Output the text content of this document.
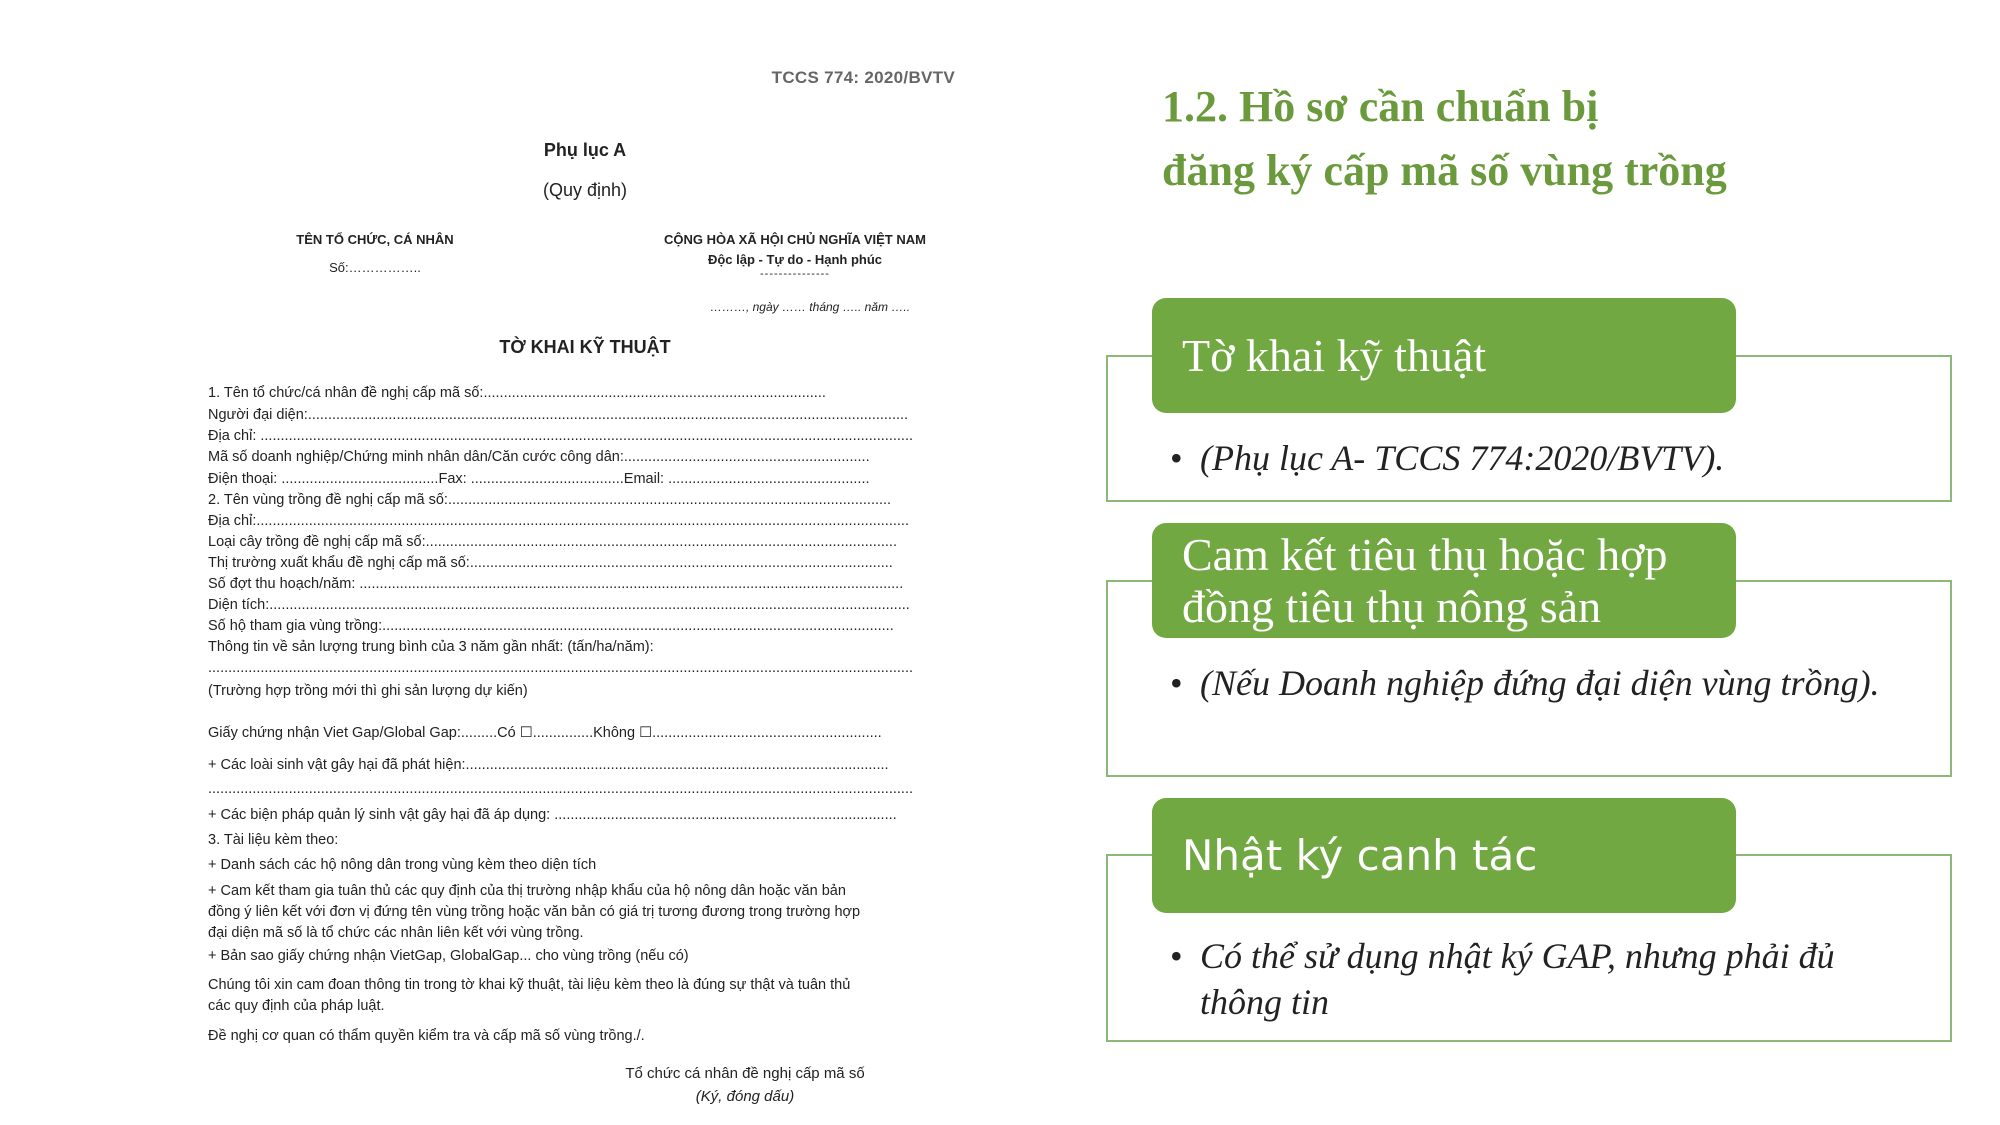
TCCS 774: 2020/BVTV
Phụ lục A
(Quy định)
TÊN TỔ CHỨC, CÁ NHÂN
Số:……………..
CỘNG HÒA XÃ HỘI CHỦ NGHĨA VIỆT NAM
Độc lập - Tự do - Hạnh phúc
---------------
………, ngày …… tháng ….. năm …..
TỜ KHAI KỸ THUẬT
1. Tên tổ chức/cá nhân đề nghị cấp mã số:.....................................................................................
Người đại diện:.....................................................................................................................................................
Địa chỉ: ..................................................................................................................................................................
Mã số doanh nghiệp/Chứng minh nhân dân/Căn cước công dân:.............................................................
Điện thoại: .......................................Fax: ......................................Email: ..................................................
2. Tên vùng trồng đề nghị cấp mã số:..............................................................................................................
Địa chỉ:..................................................................................................................................................................
Loại cây trồng đề nghị cấp mã số:.....................................................................................................................
Thị trường xuất khẩu đề nghị cấp mã số:.........................................................................................................
Số đợt thu hoạch/năm: .......................................................................................................................................
Diện tích:...............................................................................................................................................................
Số hộ tham gia vùng trồng:...............................................................................................................................
Thông tin về sản lượng trung bình của 3 năm gần nhất: (tấn/ha/năm):
...............................................................................................................................................................................
(Trường hợp trồng mới thì ghi sản lượng dự kiến)
Giấy chứng nhận Viet Gap/Global Gap:.........Có ☐...............Không ☐.........................................................
+ Các loài sinh vật gây hại đã phát hiện:.........................................................................................................
...............................................................................................................................................................................
+ Các biện pháp quản lý sinh vật gây hại đã áp dụng: .....................................................................................
3. Tài liệu kèm theo:
+ Danh sách các hộ nông dân trong vùng kèm theo diện tích
+ Cam kết tham gia tuân thủ các quy định của thị trường nhập khẩu của hộ nông dân hoặc văn bản
đồng ý liên kết với đơn vị đứng tên vùng trồng hoặc văn bản có giá trị tương đương trong trường hợp
đại diện mã số là tổ chức các nhân liên kết với vùng trồng.
+ Bản sao giấy chứng nhận VietGap, GlobalGap... cho vùng trồng (nếu có)
Chúng tôi xin cam đoan thông tin trong tờ khai kỹ thuật, tài liệu kèm theo là đúng sự thật và tuân thủ
các quy định của pháp luật.
Đề nghị cơ quan có thẩm quyền kiểm tra và cấp mã số vùng trồng./.
Tổ chức cá nhân đề nghị cấp mã số
(Ký, đóng dấu)
1.2. Hồ sơ cần chuẩn bị
đăng ký cấp mã số vùng trồng
Tờ khai kỹ thuật
• (Phụ lục A- TCCS 774:2020/BVTV).
Cam kết tiêu thụ hoặc hợp đồng tiêu thụ nông sản
• (Nếu Doanh nghiệp đứng đại diện vùng trồng).
Nhật ký canh tác
• Có thể sử dụng nhật ký GAP, nhưng phải đủ thông tin
